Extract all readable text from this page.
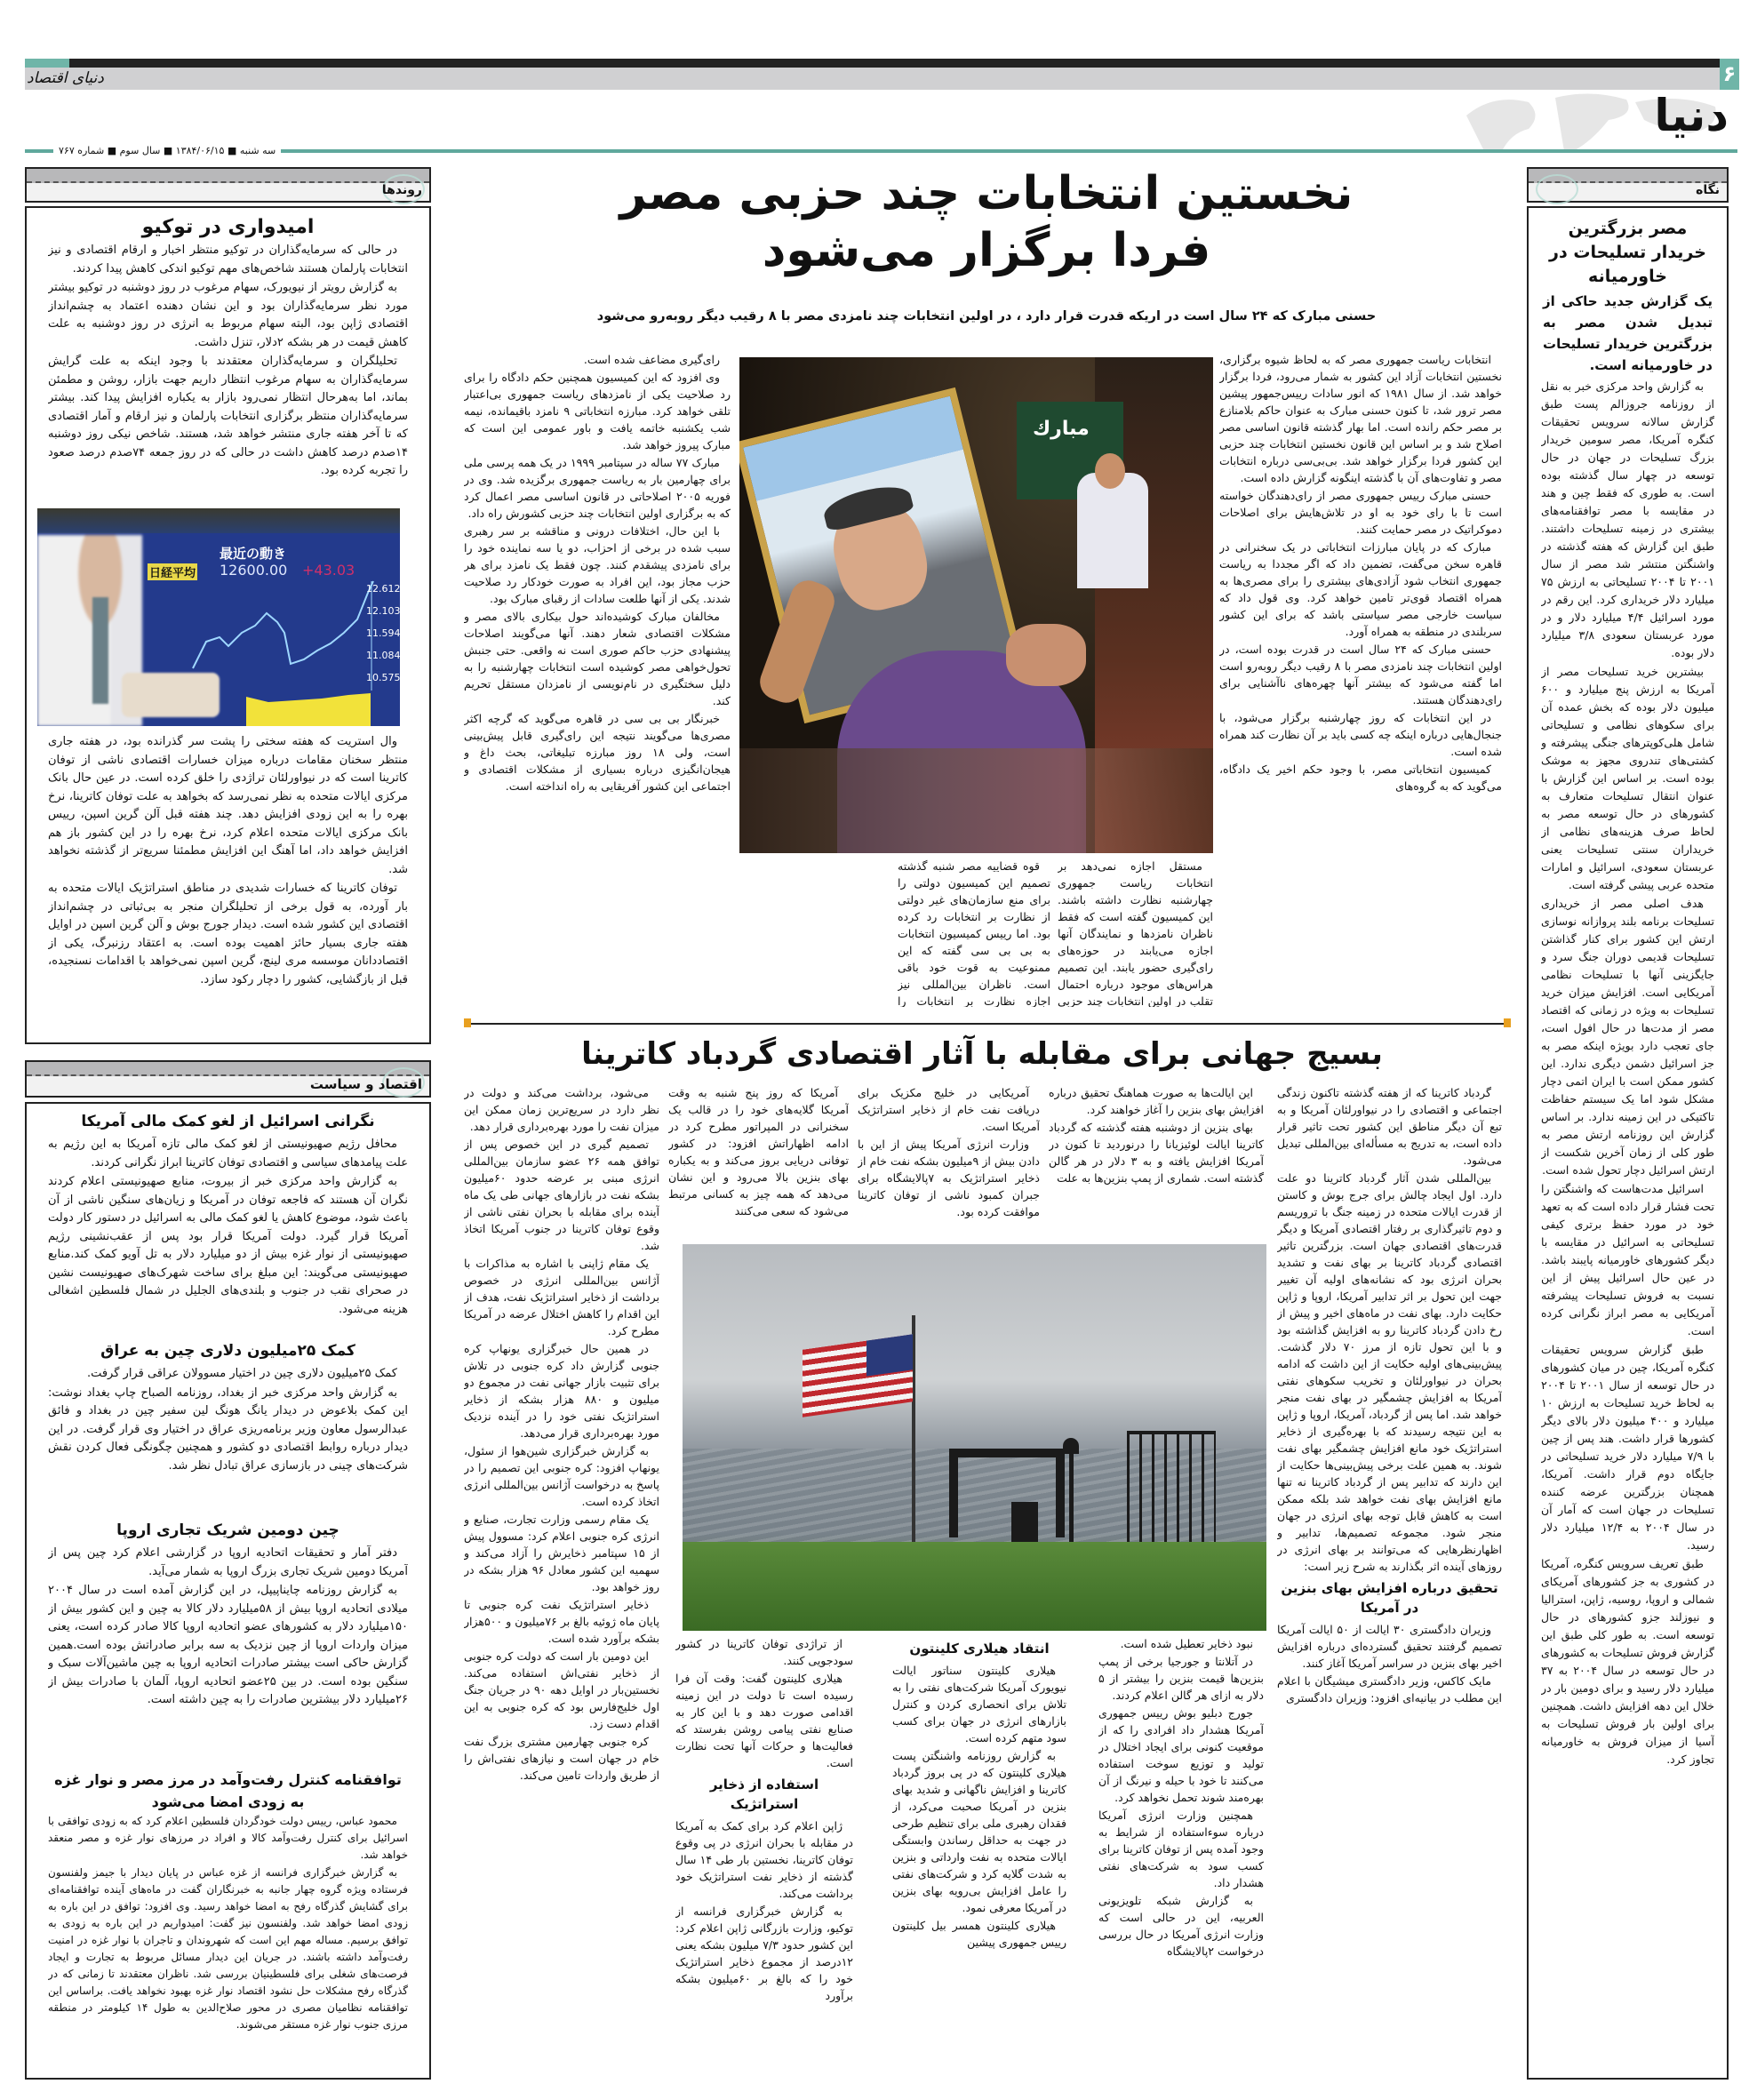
۶
دنیای اقتصاد
دنیا
سه شنبه ■ ۱۳۸۴/۰۶/۱۵ ■ سال سوم ■ شماره ۷۶۷
نگاه
مصر بزرگترین خریدار تسلیحات در خاورمیانه
یک گزارش جدید حاکی از تبدیل شدن مصر به بزرگترین خریدار تسلیحات در خاورمیانه است.

به گزارش واحد مرکزی خبر به نقل از روزنامه جروزالم پست طبق گزارش سالانه سرویس تحقیقات کنگره آمریکا، مصر سومین خریدار بزرگ تسلیحات در جهان در حال توسعه در چهار سال گذشته بوده است. به طوری که فقط چین و هند در مقایسه با مصر توافقنامه‌های بیشتری در زمینه تسلیحات داشتند. طبق این گزارش که هفته گذشته در واشنگتن منتشر شد مصر از سال ۲۰۰۱ تا ۲۰۰۴ تسلیحاتی به ارزش ۷۵ میلیارد دلار خریداری کرد. این رقم در مورد اسرائیل ۴/۴ میلیارد دلار و در مورد عربستان سعودی ۳/۸ میلیارد دلار بوده.

بیشترین خرید تسلیحات مصر از آمریکا به ارزش پنج میلیارد و ۶۰۰ میلیون دلار بوده که بخش عمده آن برای سکوهای نظامی و تسلیحاتی شامل هلی‌کوپترهای جنگی پیشرفته و کشتی‌های تندروی مجهز به موشک بوده است. بر اساس این گزارش با عنوان انتقال تسلیحات متعارف به کشورهای در حال توسعه مصر به لحاظ صرف هزینه‌های نظامی از خریداران سنتی تسلیحات یعنی عربستان سعودی، اسرائیل و امارات متحده عربی پیشی گرفته است.

هدف اصلی مصر از خریداری تسلیحات برنامه بلند پروازانه نوسازی ارتش این کشور برای کنار گذاشتن تسلیحات قدیمی دوران جنگ سرد و جایگزینی آنها با تسلیحات نظامی آمریکایی است. افزایش میزان خرید تسلیحات به ویژه در زمانی که اقتصاد مصر از مدت‌ها در حال افول است، جای تعجب دارد بویژه اینکه مصر به جز اسرائیل دشمن دیگری ندارد. این کشور ممکن است با ایران اتمی دچار مشکل شود اما یک سیستم حفاظت تاکتیکی در این زمینه ندارد. بر اساس گزارش این روزنامه ارتش مصر به طور کلی از زمان آخرین شکست از ارتش اسرائیل دچار تحول شده است.

اسرائیل مدت‌هاست که واشنگتن را تحت فشار قرار داده است که به تعهد خود در مورد حفظ برتری کیفی تسلیحاتی به اسرائیل در مقایسه با دیگر کشورهای خاورمیانه پایبند باشد. در عین حال اسرائیل پیش از این نسبت به فروش تسلیحات پیشرفته آمریکایی به مصر ابراز نگرانی کرده است.

طبق گزارش سرویس تحقیقات کنگره آمریکا، چین در میان کشورهای در حال توسعه از سال ۲۰۰۱ تا ۲۰۰۴ به لحاظ خرید تسلیحات به ارزش ۱۰ میلیارد و ۴۰۰ میلیون دلار بالای دیگر کشورها قرار داشت. هند پس از چین با ۷/۹ میلیارد دلار خرید تسلیحاتی در جایگاه دوم قرار داشت. آمریکا، همچنان بزرگترین عرضه کننده تسلیحات در جهان است که آمار آن در سال ۲۰۰۴ به ۱۲/۴ میلیارد دلار رسید.

طبق تعریف سرویس کنگره، آمریکا در کشوری به جز کشورهای آمریکای شمالی و اروپا، روسیه، ژاپن، استرالیا و نیوزلند جزو کشورهای در حال توسعه است. به طور کلی طبق این گزارش فروش تسلیحات به کشورهای در حال توسعه در سال ۲۰۰۴ به ۳۷ میلیارد دلار رسید و برای دومین بار در خلال این دهه افزایش داشت. همچنین برای اولین بار فروش تسلیحات به آسیا از میزان فروش به خاورمیانه تجاوز کرد.

روندها
امیدواری در توکیو

در حالی که سرمایه‌گذاران در توکیو منتظر اخبار و ارقام اقتصادی و نیز انتخابات پارلمان هستند شاخص‌های مهم توکیو اندکی کاهش پیدا کردند.

به گزارش رویتر از نیویورک، سهام مرغوب در روز دوشنبه در توکیو بیشتر مورد نظر سرمایه‌گذاران بود و این نشان دهنده اعتماد به چشم‌انداز اقتصادی ژاپن بود، البته سهام مربوط به انرژی در روز دوشنبه به علت کاهش قیمت در هر بشکه ۲دلار، تنزل داشت.

تحلیلگران و سرمایه‌گذاران معتقدند با وجود اینکه به علت گرایش سرمایه‌گذاران به سهام مرغوب انتظار داریم جهت بازار، روشن و مطمئن بماند، اما به‌هرحال انتظار نمی‌رود بازار به یکباره افزایش پیدا کند. بیشتر سرمایه‌گذاران منتظر برگزاری انتخابات پارلمان و نیز ارقام و آمار اقتصادی که تا آخر هفته جاری منتشر خواهد شد، هستند. شاخص نیکی روز دوشنبه ۱۴صدم درصد کاهش داشت در حالی که در روز جمعه ۷۴صدم درصد صعود را تجربه کرده بود.

最近の動き
日経平均 12600.00 +43.03
12.612
12.103
11.594
11.084
10.575

وال استریت که هفته سختی را پشت سر گذرانده بود، در هفته جاری منتظر سخنان مقامات درباره میزان خسارات اقتصادی ناشی از توفان کاترینا است که در نیواورلئان تراژدی را خلق کرده است. در عین حال بانک مرکزی ایالات متحده به نظر نمی‌رسد که بخواهد به علت توفان کاترینا، نرخ بهره را به این زودی افزایش دهد. چند هفته قبل آلن گرین اسپن، رییس بانک مرکزی ایالات متحده اعلام کرد، نرخ بهره را در این کشور باز هم افزایش خواهد داد، اما آهنگ این افزایش مطمئنا سریع‌تر از گذشته نخواهد شد.

توفان کاترینا که خسارات شدیدی در مناطق استراتژیک ایالات متحده به بار آورده، به قول برخی از تحلیلگران منجر به بی‌ثباتی در چشم‌انداز اقتصادی این کشور شده است. دیدار جورج بوش و آلن گرین اسپن در اوایل هفته جاری بسیار حائز اهمیت بوده است. به اعتقاد رزنبرگ، یکی از اقتصاددانان موسسه مری لینچ، گرین اسپن نمی‌خواهد با اقدامات نسنجیده، قبل از بازگشایی، کشور را دچار رکود سازد.

اقتصاد و سیاست
نگرانی اسرائیل از لغو کمک مالی آمریکا

محافل رژیم صهیونیستی از لغو کمک مالی تازه آمریکا به این رژیم به علت پیامدهای سیاسی و اقتصادی توفان کاترینا ابراز نگرانی کردند.

به گزارش واحد مرکزی خبر از بیروت، منابع صهیونیستی اعلام کردند نگران آن هستند که فاجعه توفان در آمریکا و زیان‌های سنگین ناشی از آن باعث شود، موضوع کاهش یا لغو کمک مالی به اسرائیل در دستور کار دولت آمریکا قرار گیرد. دولت آمریکا قرار بود پس از عقب‌نشینی رژیم صهیونیستی از نوار غزه بیش از دو میلیارد دلار به تل آویو کمک کند.منابع صهیونیستی می‌گویند: این مبلغ برای ساخت شهرک‌های صهیونیست نشین در صحرای نقب در جنوب و بلندی‌های الجلیل در شمال فلسطین اشغالی هزینه می‌شود.

کمک ۲۵میلیون دلاری چین به عراق

کمک ۲۵میلیون دلاری چین در اختیار مسوولان عراقی قرار گرفت.

به گزارش واحد مرکزی خبر از بغداد، روزنامه الصباح چاپ بغداد نوشت: این کمک بلاعوض در دیدار یانگ هونگ لین سفیر چین در بغداد و فائق عبدالرسول معاون وزیر برنامه‌ریزی عراق در اختیار وی قرار گرفت. در این دیدار درباره روابط اقتصادی دو کشور و همچنین چگونگی فعال کردن نقش شرکت‌های چینی در بازسازی عراق تبادل نظر شد.

چین دومین شریک تجاری اروپا

دفتر آمار و تحقیقات اتحادیه اروپا در گزارشی اعلام کرد چین پس از آمریکا دومین شریک تجاری بزرگ اروپا به شمار می‌آید.

به گزارش روزنامه چایناپیپل، در این گزارش آمده است در سال ۲۰۰۴ میلادی اتحادیه اروپا بیش از ۵۸میلیارد دلار کالا به چین و این کشور بیش از ۱۵۰میلیارد دلار به کشورهای عضو اتحادیه اروپا کالا صادر کرده است، یعنی میزان واردات اروپا از چین نزدیک به سه برابر صادراتش بوده است.همین گزارش حاکی است بیشتر صادرات اتحادیه اروپا به چین ماشین‌آلات سبک و سنگین بوده است. در بین ۲۵عضو اتحادیه اروپا، آلمان با صادرات بیش از ۲۶میلیارد دلار بیشترین صادرات را به چین داشته است.

توافقنامه کنترل رفت‌وآمد در مرز مصر و نوار غزه به زودی امضا می‌شود

محمود عباس، رییس دولت خودگردان فلسطین اعلام کرد که به زودی توافقی با اسرائیل برای کنترل رفت‌وآمد کالا و افراد در مرزهای نوار غزه و مصر منعقد خواهد شد.

به گزارش خبرگزاری فرانسه از غزه عباس در پایان دیدار با جیمز ولفنسون فرستاده ویژه گروه چهار جانبه به خبرنگاران گفت در ماه‌های آینده توافقنامه‌ای برای گشایش گذرگاه رفح به امضا خواهد رسید. وی افزود: توافق در این باره به زودی امضا خواهد شد. ولفنسون نیز گفت: امیدواریم در این باره به زودی به توافق برسیم. مساله مهم این است که شهروندان و تاجران با نوار غزه در امنیت رفت‌وآمد داشته باشند. در جریان این دیدار مسائل مربوط به تجارت و ایجاد فرصت‌های شغلی برای فلسطینیان بررسی شد. ناظران معتقدند تا زمانی که در گذرگاه رفح مشکلات حل نشود اقتصاد نوار غزه بهبود نخواهد یافت. براساس این توافقنامه نظامیان مصری در محور صلاح‌الدین به طول ۱۴ کیلومتر در منطقه مرزی جنوب نوار غزه مستقر می‌شوند.

نخستین انتخابات چند حزبی مصر
فردا برگزار می‌شود
حسنی مبارک که ۲۴ سال است در اریکه قدرت قرار دارد ، در اولین انتخابات چند نامزدی مصر با ۸ رقیب دیگر روبه‌رو می‌شود

انتخابات ریاست جمهوری مصر که به لحاظ شیوه برگزاری، نخستین انتخابات آزاد این کشور به شمار می‌رود، فردا برگزار خواهد شد. از سال ۱۹۸۱ که انور سادات رییس‌جمهور پیشین مصر ترور شد، تا کنون حسنی مبارک به عنوان حاکم بلامنازع بر مصر حکم رانده است. اما بهار گذشته قانون اساسی مصر اصلاح شد و بر اساس این قانون نخستین انتخابات چند حزبی این کشور فردا برگزار خواهد شد. بی‌بی‌سی درباره انتخابات مصر و تفاوت‌های آن با گذشته اینگونه گزارش داده است.

حسنی مبارک رییس جمهوری مصر از رای‌دهندگان خواسته است تا با رای خود به او در تلاش‌هایش برای اصلاحات دموکراتیک در مصر حمایت کنند.

مبارک که در پایان مبارزات انتخاباتی در یک سخنرانی در قاهره سخن می‌گفت، تضمین داد که اگر مجددا به ریاست جمهوری انتخاب شود آزادی‌های بیشتری را برای مصری‌ها به همراه اقتصاد قوی‌تر تامین خواهد کرد. وی قول داد که سیاست خارجی مصر سیاستی باشد که برای این کشور سربلندی در منطقه به همراه آورد.

حسنی مبارک که ۲۴ سال است در قدرت بوده است، در اولین انتخابات چند نامزدی مصر با ۸ رقیب دیگر روبه‌رو است اما گفته می‌شود که بیشتر آنها چهره‌های ناآشنایی برای رای‌دهندگان هستند.

در این انتخابات که روز چهارشنبه برگزار می‌شود، با جنجال‌هایی درباره اینکه چه کسی باید بر آن نظارت کند همراه شده است.

کمیسیون انتخاباتی مصر، با وجود حکم اخیر یک دادگاه، می‌گوید که به گروه‌های

مستقل اجازه نمی‌دهد بر انتخابات ریاست جمهوری چهارشنبه نظارت داشته باشند. این کمیسیون گفته است که فقط ناظران نامزدها و نمایندگان آنها اجازه می‌یابند در حوزه‌های رای‌گیری حضور یابند. این تصمیم هراس‌های موجود درباره احتمال تقلب در اولین انتخابات چند حزبی

قوه قضاییه مصر شنبه گذشته تصمیم این کمیسیون دولتی را برای منع سازمان‌های غیر دولتی از نظارت بر انتخابات رد کرده بود. اما رییس کمیسیون انتخابات به بی بی سی گفته که این ممنوعیت به قوت خود باقی است. ناظران بین‌المللی نیز اجازه نظارت بر انتخابات را

رای‌گیری مضاعف شده است.

وی افزود که این کمیسیون همچنین حکم دادگاه را برای رد صلاحیت یکی از نامزدهای ریاست جمهوری بی‌اعتبار تلقی خواهد کرد. مبارزه انتخاباتی ۹ نامزد باقیمانده، نیمه شب یکشنبه خاتمه یافت و باور عمومی این است که مبارک پیروز خواهد شد.

مبارک ۷۷ ساله در سپتامبر ۱۹۹۹ در یک همه پرسی ملی برای چهارمین بار به ریاست جمهوری برگزیده شد. وی در فوریه ۲۰۰۵ اصلاحاتی در قانون اساسی مصر اعمال کرد که به برگزاری اولین انتخابات چند حزبی کشورش راه داد.

با این حال، اختلافات درونی و مناقشه بر سر رهبری سبب شده در برخی از احزاب، دو یا سه نماینده خود را برای نامزدی پیشقدم کنند. چون فقط یک نامزد برای هر حزب مجاز بود، این افراد به صورت خودکار رد صلاحیت شدند. یکی از آنها طلعت سادات از رقبای مبارک بود.

مخالفان مبارک کوشیده‌اند حول بیکاری بالای مصر و مشکلات اقتصادی شعار دهند. آنها می‌گویند اصلاحات پیشنهادی حزب حاکم صوری است نه واقعی. حتی جنبش تحول‌خواهی مصر کوشیده است انتخابات چهارشنبه را به دلیل سختگیری در نام‌نویسی از نامزدان مستقل تحریم کند.

خبرنگار بی بی سی در قاهره می‌گوید که گرچه اکثر مصری‌ها می‌گویند نتیجه این رای‌گیری قابل پیش‌بینی است، ولی ۱۸ روز مبارزه تبلیغاتی، بحث داغ و هیجان‌انگیزی درباره بسیاری از مشکلات اقتصادی و اجتماعی این کشور آفریقایی به راه انداخته است.

مبارك
بسیج جهانی برای مقابله با آثار اقتصادی گردباد کاترینا

گردباد کاترینا که از هفته گذشته تاکنون زندگی اجتماعی و اقتصادی را در نیواورلئان آمریکا و به تبع آن دیگر مناطق این کشور تحت تاثیر قرار داده است، به تدریج به مسأله‌ای بین‌المللی تبدیل می‌شود.

بین‌المللی شدن آثار گردباد کاترینا دو علت دارد. اول ایجاد چالش برای جرج بوش و کاستن از قدرت ایالات متحده در زمینه جنگ با تروریسم و دوم تاثیرگذاری بر رفتار اقتصادی آمریکا و دیگر قدرت‌های اقتصادی جهان است. بزرگترین تاثیر اقتصادی گردباد کاترینا بر بهای نفت و تشدید بحران انرژی بود که نشانه‌های اولیه آن تغییر جهت این تحول بر اثر تدابیر آمریکا، اروپا و ژاپن حکایت دارد. بهای نفت در ماه‌های اخیر و پیش از رخ دادن گردباد کاترینا رو به افزایش گذاشته بود و با این تحول تازه از مرز ۷۰ دلار گذشت. پیش‌بینی‌های اولیه حکایت از این داشت که ادامه بحران در نیواورلئان و تخریب سکوهای نفتی آمریکا به افزایش چشمگیر در بهای نفت منجر خواهد شد. اما پس از گردباد، آمریکا، اروپا و ژاپن به این نتیجه رسیدند که با بهره‌گیری از ذخایر استراتژیک خود مانع افزایش چشمگیر بهای نفت شوند. به همین علت برخی پیش‌بینی‌ها حکایت از این دارند که تدابیر پس از گردباد کاترینا نه تنها مانع افزایش بهای نفت خواهد شد بلکه ممکن است به کاهش قابل توجه بهای انرژی در جهان منجر شود. مجموعه تصمیم‌ها، تدابیر و اظهارنظرهایی که می‌توانند بر بهای انرژی در روزهای آینده اثر بگذارند به شرح زیر است:

تحقیق درباره افزایش بهای بنزین در آمریکا

وزیران دادگستری ۳۰ ایالت از ۵۰ ایالت آمریکا تصمیم گرفتند تحقیق گسترده‌ای درباره افزایش اخیر بهای بنزین در سراسر آمریکا آغاز کنند.

مایک کاکس، وزیر دادگستری میشیگان با اعلام این مطلب در بیانیه‌ای افزود: وزیران دادگستری

این ایالت‌ها به صورت هماهنگ تحقیق درباره افزایش بهای بنزین را آغاز خواهند کرد.

بهای بنزین از دوشنبه هفته گذشته که گردباد کاترینا ایالت لوئیزیانا را درنوردید تا کنون در آمریکا افزایش یافته و به ۳ دلار در هر گالن گذشته است. شماری از پمپ بنزین‌ها به علت

آمریکایی در خلیج مکزیک برای دریافت نفت خام از ذخایر استراتژیک آمریکا است.

وزارت انرژی آمریکا پیش از این با دادن بیش از ۹میلیون بشکه نفت خام از ذخایر استراتژیک به ۷پالایشگاه برای جبران کمبود ناشی از توفان کاترینا موافقت کرده بود.

آمریکا که روز پنج شنبه به وقت آمریکا گلایه‌های خود را در قالب یک سخنرانی در المپراتور مطرح کرد در ادامه اظهاراتش افزود: در کشور توفانی دریایی بروز می‌کند و به یکباره بهای بنزین بالا می‌رود و این نشان می‌دهد که همه چیز به کسانی مرتبط می‌شود که سعی می‌کنند

می‌شود، برداشت می‌کند و دولت در نظر دارد در سریع‌ترین زمان ممکن این میزان نفت را مورد بهره‌برداری قرار دهد.

تصمیم گیری در این خصوص پس از توافق همه ۲۶ عضو سازمان بین‌المللی انرژی مبنی بر عرضه حدود ۶۰میلیون بشکه نفت در بازارهای جهانی طی یک ماه آینده برای مقابله با بحران نفتی ناشی از وقوع توفان کاترینا در جنوب آمریکا اتخاذ شد.

یک مقام ژاپنی با اشاره به مذاکرات با آژانس بین‌المللی انرژی در خصوص برداشت از ذخایر استراتژیک نفت، هدف از این اقدام را کاهش اختلال عرضه در آمریکا مطرح کرد.

در همین حال خبرگزاری یونهاپ کره جنوبی گزارش داد کره جنوبی در تلاش برای تثبیت بازار جهانی نفت در مجموع دو میلیون و ۸۸۰ هزار بشکه از ذخایر استراتژیک نفتی خود را در آینده نزدیک مورد بهره‌برداری قرار می‌دهد.

به گزارش خبرگزاری شین‌هوا از سئول، یونهاپ افزود: کره جنوبی این تصمیم را در پاسخ به درخواست آژانس بین‌المللی انرژی اتخاذ کرده است.

یک مقام رسمی وزارت تجارت، صنایع و انرژی کره جنوبی اعلام کرد: مسوول پیش از ۱۵ سپتامبر ذخایرش را آزاد می‌کند و سهمیه این کشور معادل ۹۶ هزار بشکه در روز خواهد بود.

ذخایر استراتژیک نفت کره جنوبی تا پایان ماه ژوئیه بالغ بر ۷۶میلیون و ۵۰۰هزار بشکه برآورد شده است.

این دومین بار است که دولت کره جنوبی از ذخایر نفتی‌اش استفاده می‌کند. نخستین‌بار در اوایل دهه ۹۰ در جریان جنگ اول خلیج‌فارس بود که کره جنوبی به این اقدام دست زد.

کره جنوبی چهارمین مشتری بزرگ نفت خام در جهان است و نیازهای نفتی‌اش را از طریق واردات تامین می‌کند.

نبود ذخایر تعطیل شده است.

در آتلانتا و جورجیا برخی از پمپ بنزین‌ها قیمت بنزین را بیشتر از ۵ دلار به ازای هر گالن اعلام کردند.

جورج دبلیو بوش رییس جمهوری آمریکا هشدار داد افرادی را که از موقعیت کنونی برای ایجاد اختلال در تولید و توزیع سوخت استفاده می‌کنند تا خود با حیله و نیرنگ از آن بهره‌مند شوند تحمل نخواهد کرد.

همچنین وزارت انرژی آمریکا درباره سوءاستفاده از شرایط به وجود آمده پس از توفان کاترینا برای کسب سود به شرکت‌های نفتی هشدار داد.

به گزارش شبکه تلویزیونی العربیه، این در حالی است که وزارت انرژی آمریکا در حال بررسی درخواست ۲پالایشگاه

انتقاد هیلاری کلینتون

هیلاری کلینتون سناتور ایالت نیویورک آمریکا شرکت‌های نفتی را به تلاش برای انحصاری کردن و کنترل بازارهای انرژی در جهان برای کسب سود متهم کرده است.

به گزارش روزنامه واشنگتن پست هیلاری کلینتون که در پی بروز گردباد کاترینا و افزایش ناگهانی و شدید بهای بنزین در آمریکا صحبت می‌کرد، از فقدان رهبری ملی برای تنظیم طرحی در جهت به حداقل رساندن وابستگی ایالات متحده به نفت وارداتی و بنزین به شدت گلایه کرد و شرکت‌های نفتی را عامل افزایش بی‌رویه بهای بنزین در آمریکا معرفی نمود.

هیلاری کلینتون همسر بیل کلینتون رییس جمهوری پیشین

از تراژدی توفان کاترینا در کشور سودجویی کنند.

هیلاری کلینتون گفت: وقت آن فرا رسیده است تا دولت در این زمینه اقدامی صورت دهد و با این کار به صنایع نفتی پیامی روشن بفرستد که فعالیت‌ها و حرکات آنها تحت نظارت است.

استفاده از ذخایر استراتژیک

ژاپن اعلام کرد برای کمک به آمریکا در مقابله با بحران انرژی در پی وقوع توفان کاترینا، نخستین بار طی ۱۴ سال گذشته از ذخایر نفت استراتژیک خود برداشت می‌کند.

به گزارش خبرگزاری فرانسه از توکیو، وزارت بازرگانی ژاپن اعلام کرد: این کشور حدود ۷/۳ میلیون بشکه یعنی ۱۲درصد از مجموع ذخایر استراتژیک خود را که بالغ بر ۶۰میلیون بشکه برآورد
